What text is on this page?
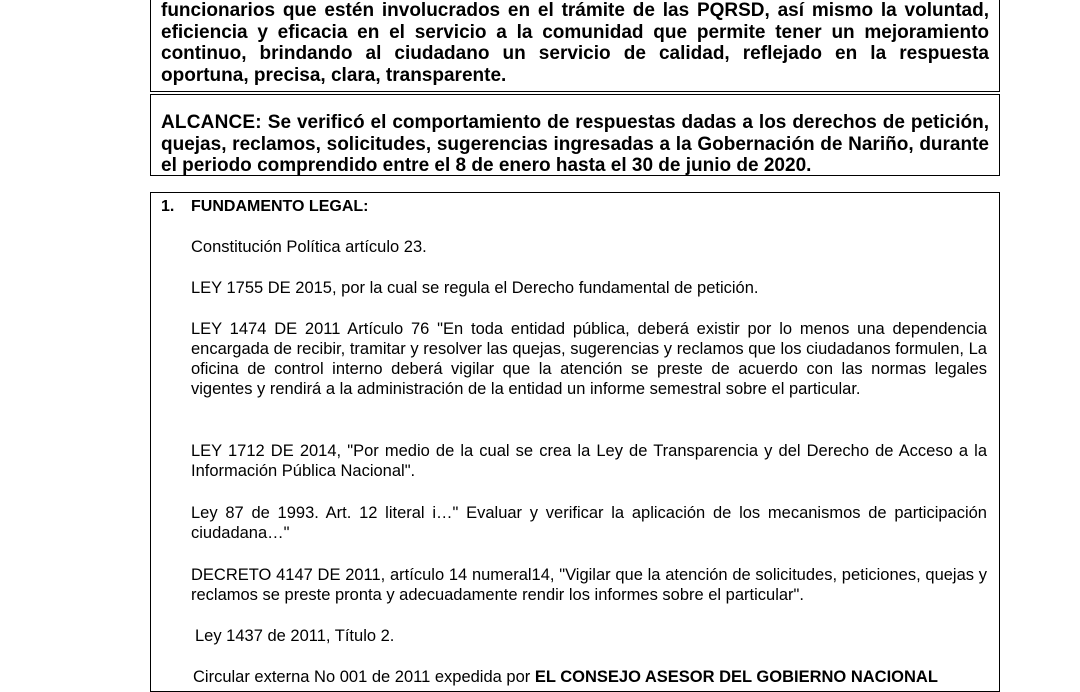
funcionarios que estén involucrados en el trámite de las PQRSD, así mismo la voluntad, eficiencia y eficacia en el servicio a la comunidad que permite tener un mejoramiento continuo, brindando al ciudadano un servicio de calidad, reflejado en la respuesta oportuna, precisa, clara, transparente.
ALCANCE: Se verificó el comportamiento de respuestas dadas a los derechos de petición, quejas, reclamos, solicitudes, sugerencias ingresadas a la Gobernación de Nariño, durante el periodo comprendido entre el 8 de enero hasta el 30 de junio de 2020.
1. FUNDAMENTO LEGAL:
Constitución Política artículo 23.
LEY 1755 DE 2015, por la cual se regula el Derecho fundamental de petición.
LEY 1474 DE 2011 Artículo 76 "En toda entidad pública, deberá existir por lo menos una dependencia encargada de recibir, tramitar y resolver las quejas, sugerencias y reclamos que los ciudadanos formulen, La oficina de control interno deberá vigilar que la atención se preste de acuerdo con las normas legales vigentes y rendirá a la administración de la entidad un informe semestral sobre el particular.
LEY 1712 DE 2014, "Por medio de la cual se crea la Ley de Transparencia y del Derecho de Acceso a la Información Pública Nacional".
Ley 87 de 1993. Art. 12 literal i…" Evaluar y verificar la aplicación de los mecanismos de participación ciudadana…"
DECRETO 4147 DE 2011, artículo 14 numeral14, "Vigilar que la atención de solicitudes, peticiones, quejas y reclamos se preste pronta y adecuadamente rendir los informes sobre el particular".
Ley 1437 de 2011, Título 2.
Circular externa No 001 de 2011 expedida por EL CONSEJO ASESOR DEL GOBIERNO NACIONAL
